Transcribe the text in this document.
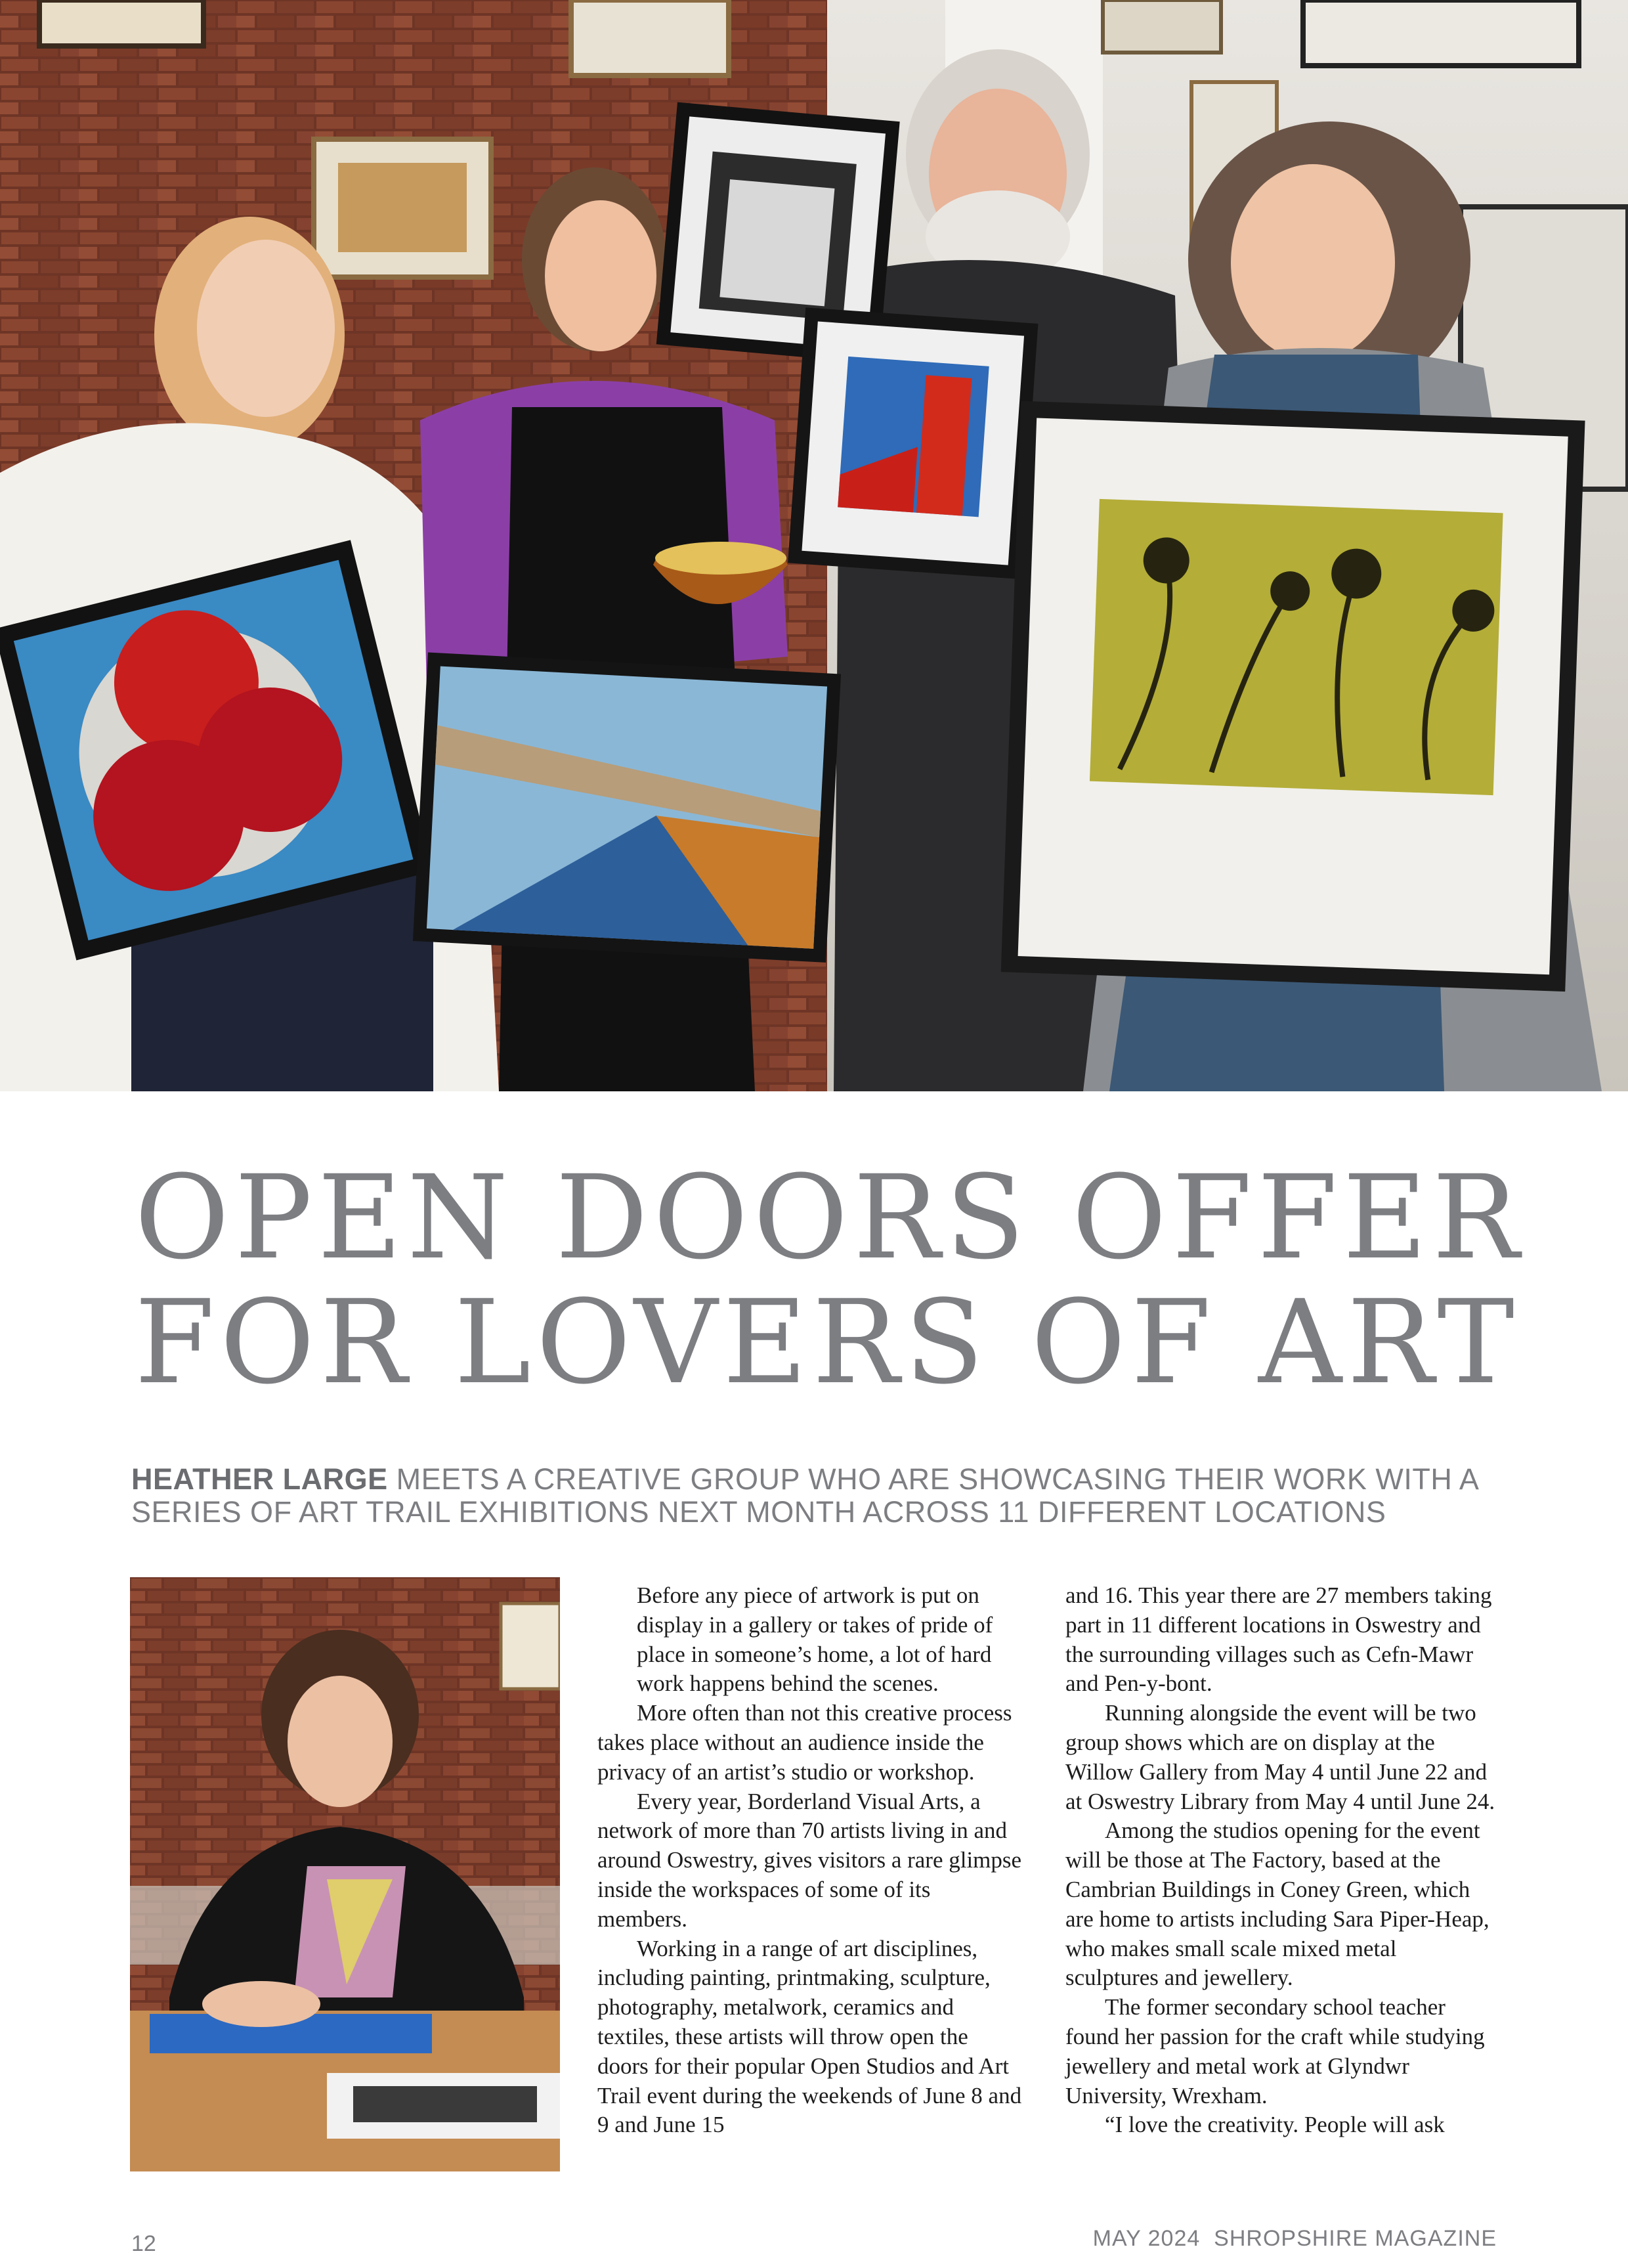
OPEN DOORS OFFER
FOR LOVERS OF ART
HEATHER LARGE MEETS A CREATIVE GROUP WHO ARE SHOWCASING THEIR WORK WITH A SERIES OF ART TRAIL EXHIBITIONS NEXT MONTH ACROSS 11 DIFFERENT LOCATIONS

Before any piece of artwork is put on display in a gallery or takes of pride of place in someone’s home, a lot of hard work happens behind the scenes.

More often than not this creative process takes place without an audience inside the privacy of an artist’s studio or workshop.

Every year, Borderland Visual Arts, a network of more than 70 artists living in and around Oswestry, gives visitors a rare glimpse inside the workspaces of some of its members.

Working in a range of art disciplines, including painting, printmaking, sculpture, photography, metalwork, ceramics and textiles, these artists will throw open the doors for their popular Open Studios and Art Trail event during the weekends of June 8 and 9 and June 15

and 16. This year there are 27 members taking part in 11 different locations in Oswestry and the surrounding villages such as Cefn-Mawr and Pen-y-bont.

Running alongside the event will be two group shows which are on display at the Willow Gallery from May 4 until June 22 and at Oswestry Library from May 4 until June 24.

Among the studios opening for the event will be those at The Factory, based at the Cambrian Buildings in Coney Green, which are home to artists including Sara Piper-Heap, who makes small scale mixed metal sculptures and jewellery.

The former secondary school teacher found her passion for the craft while studying jewellery and metal work at Glyndwr University, Wrexham.

“I love the creativity. People will ask

12	MAY 2024  SHROPSHIRE MAGAZINE
